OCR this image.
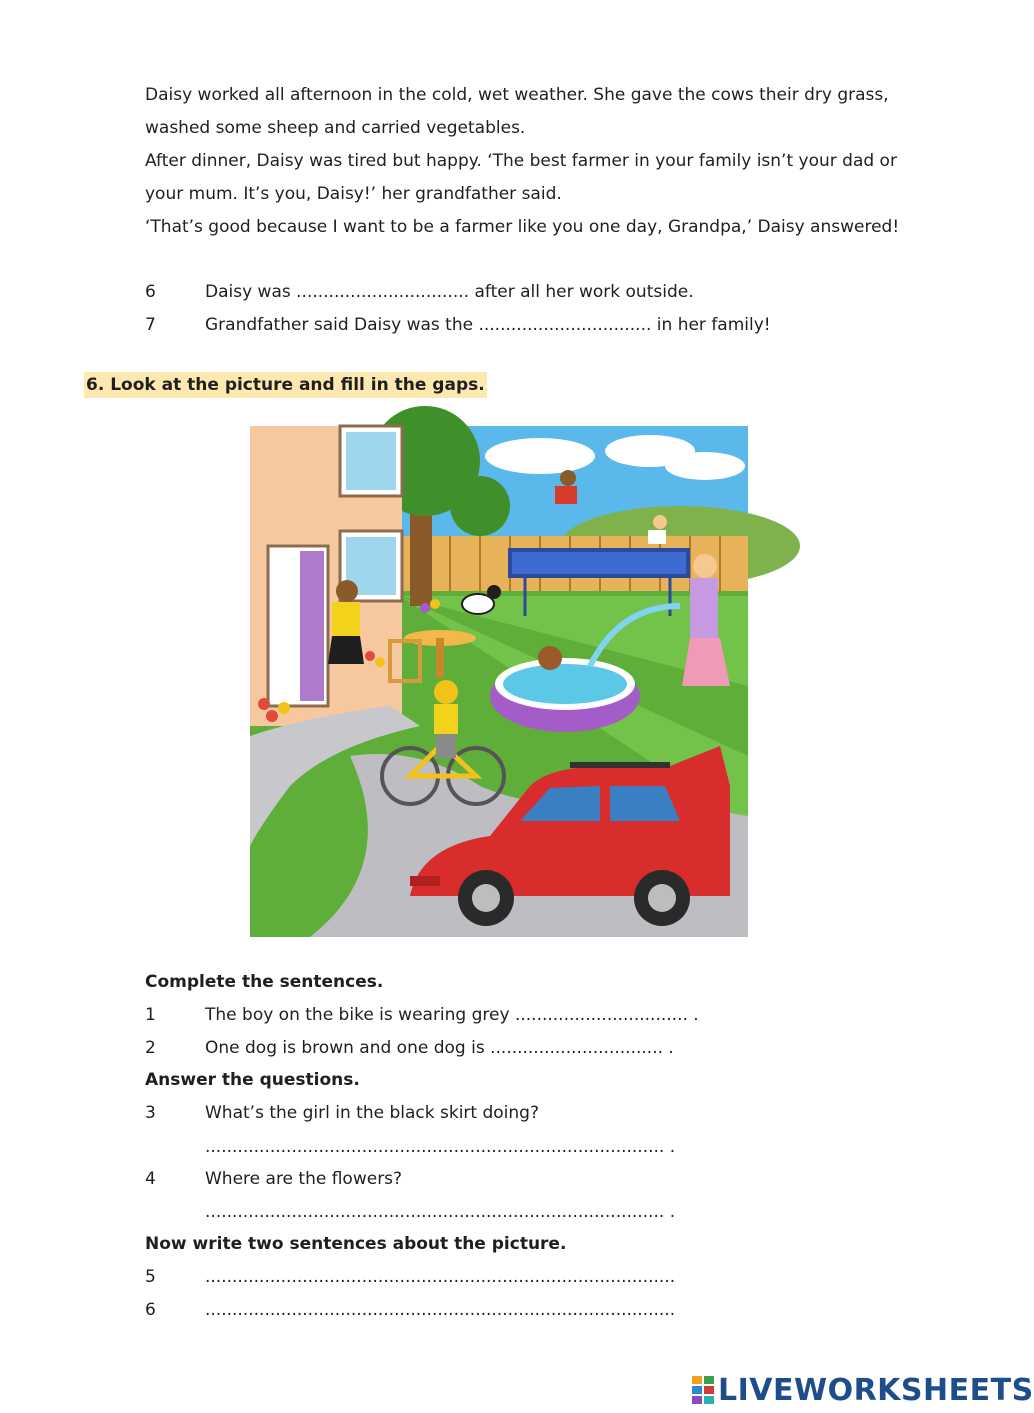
Daisy worked all afternoon in the cold, wet weather. She gave the cows their dry grass,
washed some sheep and carried vegetables.
After dinner, Daisy was tired but happy. ‘The best farmer in your family isn’t your dad or
your mum. It’s you, Daisy!’ her grandfather said.
‘That’s good because I want to be a farmer like you one day, Grandpa,’ Daisy answered!
6	Daisy was ................................ after all her work outside.
7	Grandfather said Daisy was the ................................ in her family!
6. Look at the picture and fill in the gaps.
Complete the sentences.
1	The boy on the bike is wearing grey ................................ .
2	One dog is brown and one dog is ................................ .
Answer the questions.
3	What’s the girl in the black skirt doing?
..................................................................................... .
4	Where are the flowers?
..................................................................................... .
Now write two sentences about the picture.
5	.......................................................................................
6	.......................................................................................
LIVEWORKSHEETS
